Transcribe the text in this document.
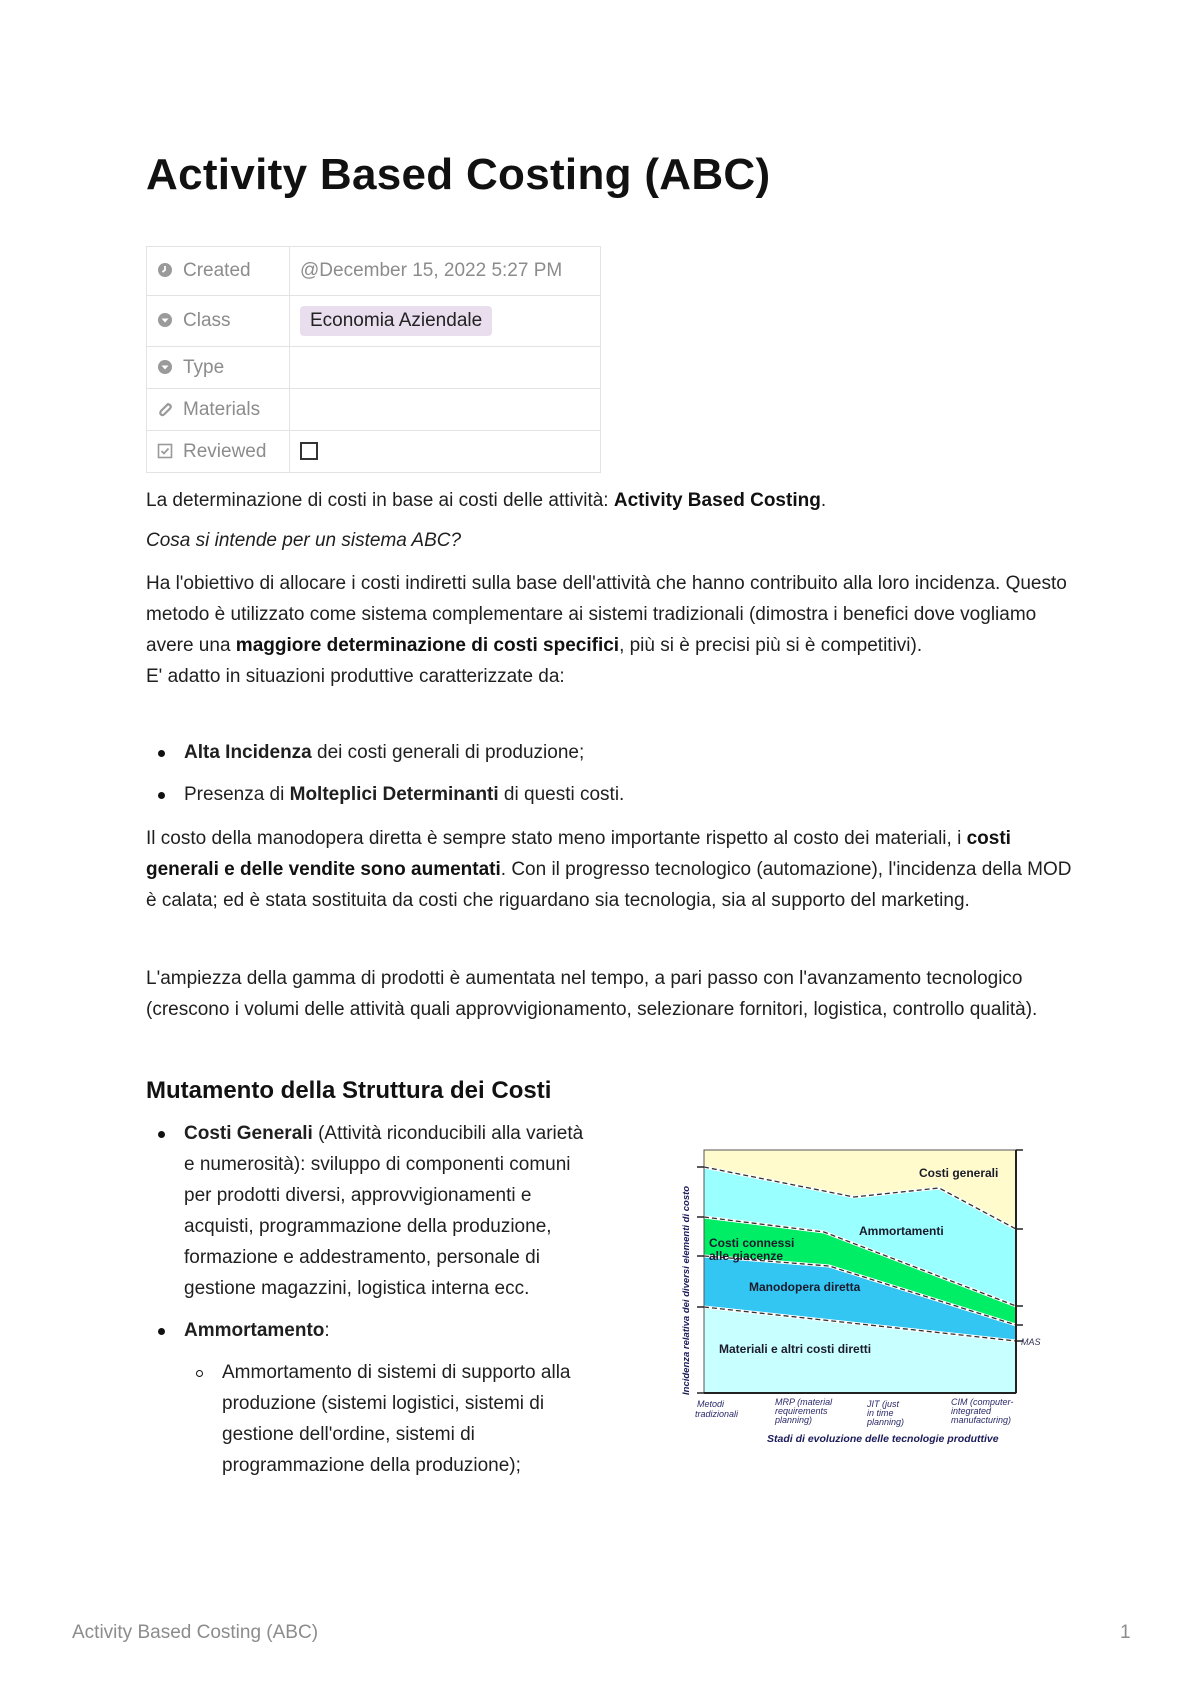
Activity Based Costing (ABC)
Created	@December 15, 2022 5:27 PM
Class	Economia Aziendale
Type	
Materials	
Reviewed	

La determinazione di costi in base ai costi delle attività: Activity Based Costing.

Cosa si intende per un sistema ABC?

Ha l'obiettivo di allocare i costi indiretti sulla base dell'attività che hanno contribuito alla loro incidenza. Questo metodo è utilizzato come sistema complementare ai sistemi tradizionali (dimostra i benefici dove vogliamo avere una maggiore determinazione di costi specifici, più si è precisi più si è competitivi).
E' adatto in situazioni produttive caratterizzate da:

Alta Incidenza dei costi generali di produzione;
Presenza di Molteplici Determinanti di questi costi.

Il costo della manodopera diretta è sempre stato meno importante rispetto al costo dei materiali, i costi generali e delle vendite sono aumentati. Con il progresso tecnologico (automazione), l'incidenza della MOD è calata; ed è stata sostituita da costi che riguardano sia tecnologia, sia al supporto del marketing.

L'ampiezza della gamma di prodotti è aumentata nel tempo, a pari passo con l'avanzamento tecnologico (crescono i volumi delle attività quali approvvigionamento, selezionare fornitori, logistica, controllo qualità).

Mutamento della Struttura dei Costi
Costi Generali (Attività riconducibili alla varietà e numerosità): sviluppo di componenti comuni per prodotti diversi, approvvigionamenti e acquisti, programmazione della produzione, formazione e addestramento, personale di gestione magazzini, logistica interna ecc.
Ammortamento:
Ammortamento di sistemi di supporto alla produzione (sistemi logistici, sistemi di gestione dell'ordine, sistemi di programmazione della produzione);
Costi generali
Ammortamenti
Costi connessi
alle giacenze
Manodopera diretta
Materiali e altri costi diretti	MAS
Metodi
tradizionali
MRP (material
requirements
planning)
JIT (just
in time
planning)
CIM (computer-
integrated
manufacturing)
Stadi di evoluzione delle tecnologie produttive
Incidenza relativa dei diversi elementi di costo
Activity Based Costing (ABC)	1
